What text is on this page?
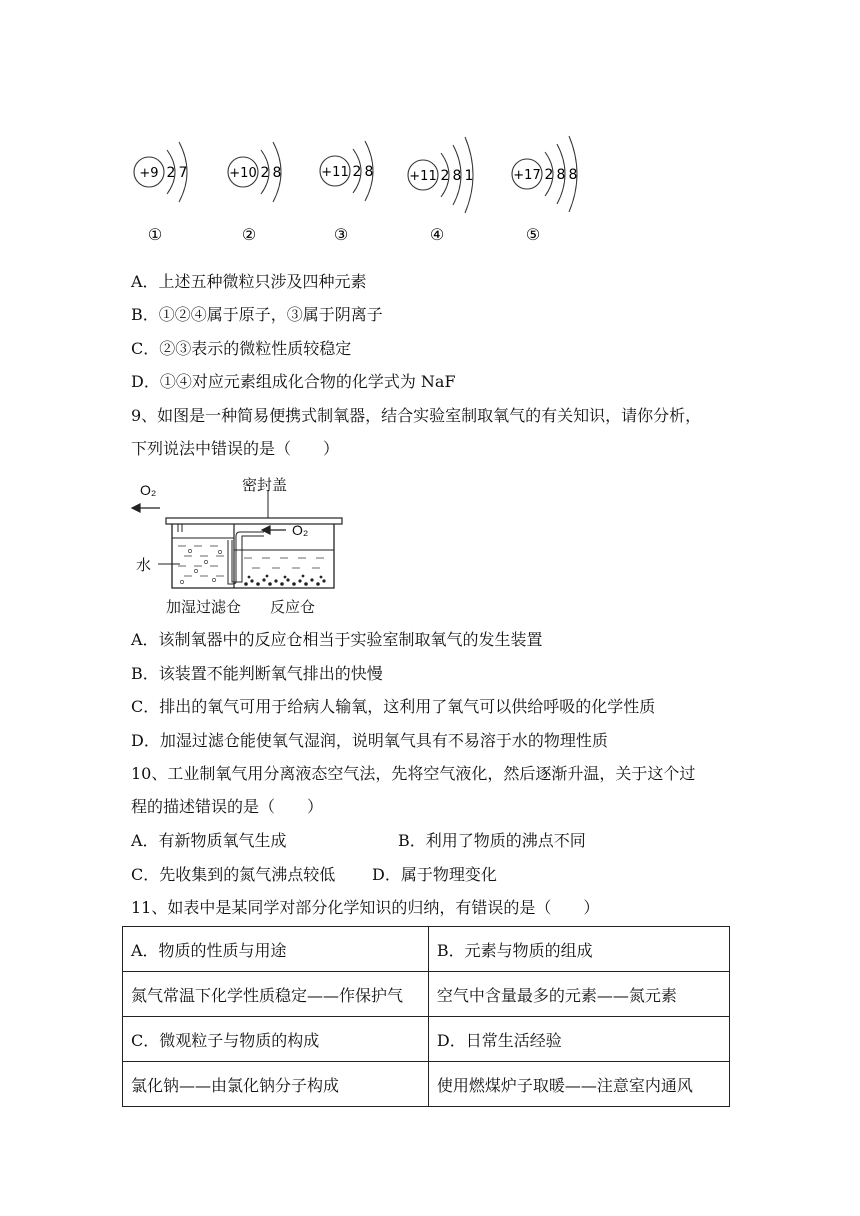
+9 2 7
①
+10 2 8
②
+11 2 8
③
+11 2 8 1
④
+17 2 8 8
⑤
A．上述五种微粒只涉及四种元素
B．①②④属于原子，③属于阴离子
C．②③表示的微粒性质较稳定
D．①④对应元素组成化合物的化学式为 NaF
9、如图是一种简易便携式制氧器，结合实验室制取氧气的有关知识，请你分析，
下列说法中错误的是（　　）
O₂	密封盖
O₂
水
加湿过滤仓 反应仓
A．该制氧器中的反应仓相当于实验室制取氧气的发生装置
B．该装置不能判断氧气排出的快慢
C．排出的氧气可用于给病人输氧，这利用了氧气可以供给呼吸的化学性质
D．加湿过滤仓能使氧气湿润，说明氧气具有不易溶于水的物理性质
10、工业制氧气用分离液态空气法，先将空气液化，然后逐渐升温，关于这个过
程的描述错误的是（　　）
A．有新物质氧气生成	B．利用了物质的沸点不同
C．先收集到的氮气沸点较低 D．属于物理变化
11、如表中是某同学对部分化学知识的归纳，有错误的是（　　）
A．物质的性质与用途	B．元素与物质的组成
氮气常温下化学性质稳定——作保护气	空气中含量最多的元素——氮元素
C．微观粒子与物质的构成	D．日常生活经验
氯化钠——由氯化钠分子构成	使用燃煤炉子取暖——注意室内通风
